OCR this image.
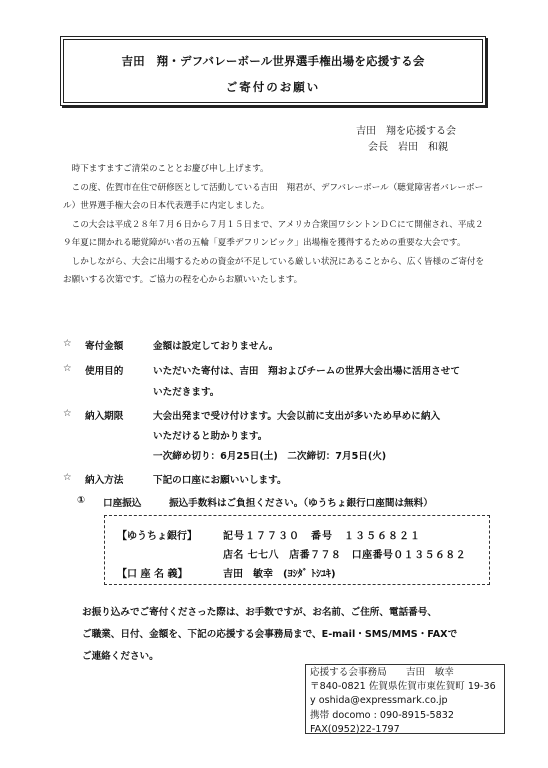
吉田　翔・デフバレーボール世界選手権出場を応援する会
ご寄付のお願い
吉田　翔を応援する会
会長　岩田　和親

　時下ますますご清栄のこととお慶び申し上げます。

　この度、佐賀市在住で研修医として活動している吉田　翔君が、デフバレーボール（聴覚障害者バレーボール）世界選手権大会の日本代表選手に内定しました。

　この大会は平成２８年７月６日から７月１５日まで、アメリカ合衆国ワシントンＤＣにて開催され、平成２９年夏に開かれる聴覚障がい者の五輪「夏季デフリンピック」出場権を獲得するための重要な大会です。

　しかしながら、大会に出場するための資金が不足している厳しい状況にあることから、広く皆様のご寄付をお願いする次第です。ご協力の程を心からお願いいたします。

☆	寄付金額	金額は設定しておりません。
☆	使用目的	いただいた寄付は、吉田　翔およびチームの世界大会出場に活用させて
いただきます。
☆	納入期限	大会出発まで受け付けます。大会以前に支出が多いため早めに納入
いただけると助かります。
一次締め切り：6月25日(土)　二次締切：7月5日(火)
☆	納入方法	下記の口座にお願いいします。
① 口座振込	振込手数料はご負担ください。（ゆうちょ銀行口座間は無料）
【ゆうちょ銀行】	記号１７７３０　番号　１３５６８２１
店名 七七八　店番７７８　口座番号０１３５６８２
【口 座 名 義】	吉田　敏幸　(ﾖｼﾀﾞ ﾄｼﾕｷ)
お振り込みでご寄付くださった際は、お手数ですが、お名前、ご住所、電話番号、
ご職業、日付、金額を、下記の応援する会事務局まで、E-mail・SMS/MMS・FAXで
ご連絡ください。
応援する会事務局　　吉田　敏幸
〒840-0821 佐賀県佐賀市東佐賀町 19-36
y oshida@expressmark.co.jp
携帯 docomo : 090-8915-5832
FAX(0952)22-1797
